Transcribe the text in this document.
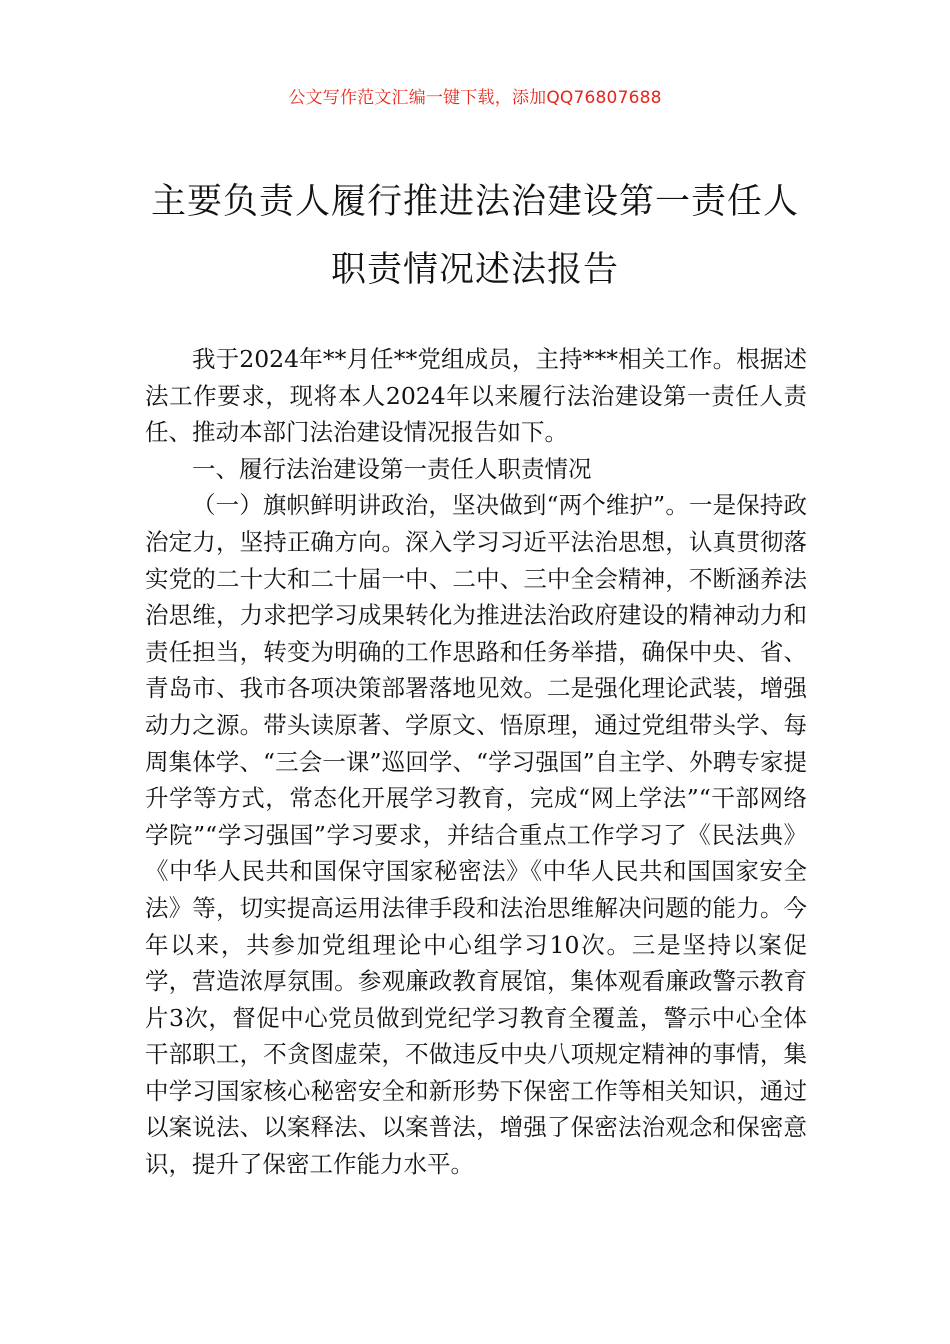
公文写作范文汇编一键下载，添加QQ76807688
主要负责人履行推进法治建设第一责任人
职责情况述法报告

我于2024年**月任**党组成员，主持***相关工作。根据述法工作要求，现将本人2024年以来履行法治建设第一责任人责任、推动本部门法治建设情况报告如下。

一、履行法治建设第一责任人职责情况

（一）旗帜鲜明讲政治，坚决做到“两个维护”。一是保持政治定力，坚持正确方向。深入学习习近平法治思想，认真贯彻落实党的二十大和二十届一中、二中、三中全会精神，不断涵养法治思维，力求把学习成果转化为推进法治政府建设的精神动力和责任担当，转变为明确的工作思路和任务举措，确保中央、省、青岛市、我市各项决策部署落地见效。二是强化理论武装，增强动力之源。带头读原著、学原文、悟原理，通过党组带头学、每周集体学、“三会一课”巡回学、“学习强国”自主学、外聘专家提升学等方式，常态化开展学习教育，完成“网上学法”“干部网络学院”“学习强国”学习要求，并结合重点工作学习了《民法典》《中华人民共和国保守国家秘密法》《中华人民共和国国家安全法》等，切实提高运用法律手段和法治思维解决问题的能力。今年以来，共参加党组理论中心组学习10次。三是坚持以案促学，营造浓厚氛围。参观廉政教育展馆，集体观看廉政警示教育片3次，督促中心党员做到党纪学习教育全覆盖，警示中心全体干部职工，不贪图虚荣，不做违反中央八项规定精神的事情，集中学习国家核心秘密安全和新形势下保密工作等相关知识，通过以案说法、以案释法、以案普法，增强了保密法治观念和保密意识，提升了保密工作能力水平。
